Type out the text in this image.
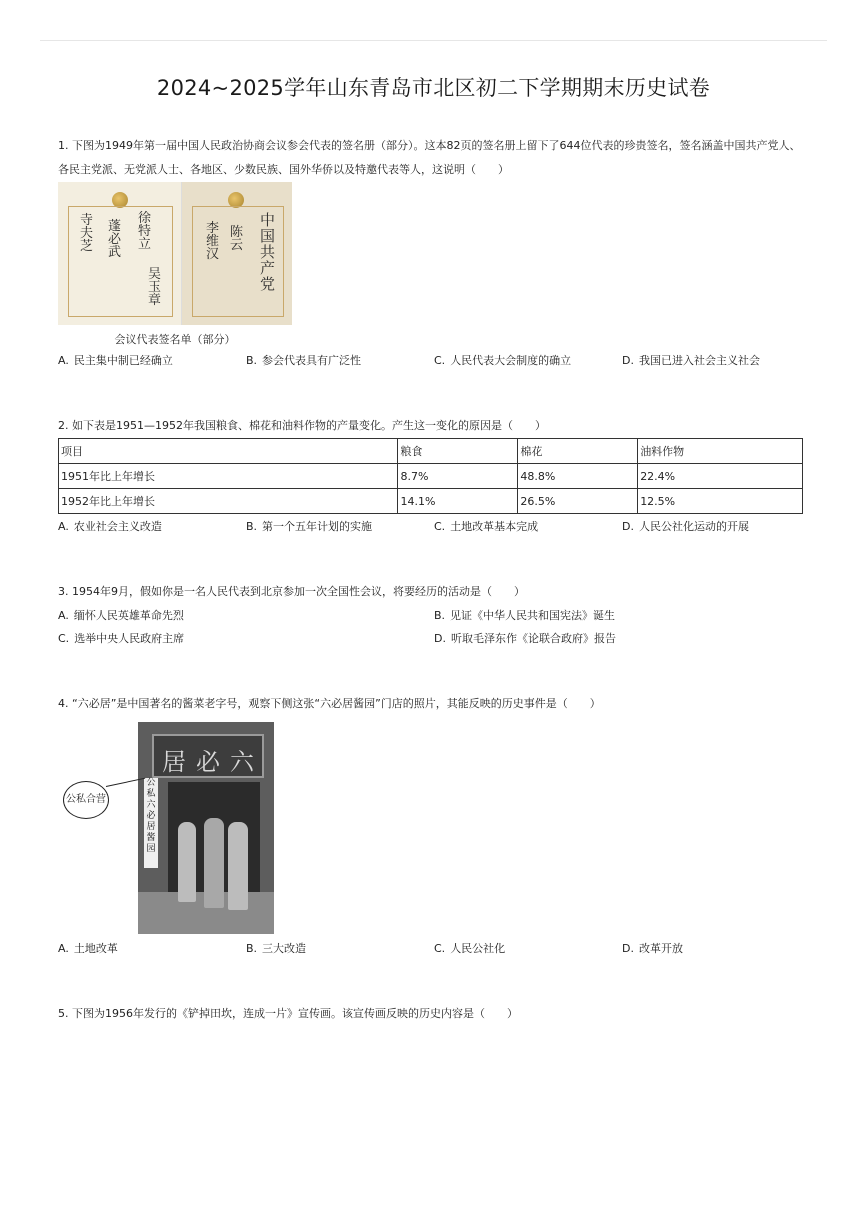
2024~2025学年山东青岛市北区初二下学期期末历史试卷
1. 下图为1949年第一届中国人民政治协商会议参会代表的签名册（部分）。这本82页的签名册上留下了644位代表的珍贵签名，签名涵盖中国共产党人、各民主党派、无党派人士、各地区、少数民族、国外华侨以及特邀代表等人，这说明（　　）
寺夫芝
蓬必武
徐特立
吴玉章
中国共产党
李维汉
陈云
会议代表签名单（部分）
A. 民主集中制已经确立	B. 参会代表具有广泛性	C. 人民代表大会制度的确立	D. 我国已进入社会主义社会
2. 如下表是1951—1952年我国粮食、棉花和油料作物的产量变化。产生这一变化的原因是（　　）
项目	粮食	棉花	油料作物
1951年比上年增长	8.7%	48.8%	22.4%
1952年比上年增长	14.1%	26.5%	12.5%
A. 农业社会主义改造	B. 第一个五年计划的实施	C. 土地改革基本完成	D. 人民公社化运动的开展
3. 1954年9月，假如你是一名人民代表到北京参加一次全国性会议，将要经历的活动是（　　）
A. 缅怀人民英雄革命先烈	B. 见证《中华人民共和国宪法》诞生
C. 选举中央人民政府主席	D. 听取毛泽东作《论联合政府》报告
4. “六必居”是中国著名的酱菜老字号，观察下侧这张“六必居酱园”门店的照片，其能反映的历史事件是（　　）
居 必 六
公
私
六
必
居
酱
园
公私合营
A. 土地改革	B. 三大改造	C. 人民公社化	D. 改革开放
5. 下图为1956年发行的《铲掉田坎，连成一片》宣传画。该宣传画反映的历史内容是（　　）
